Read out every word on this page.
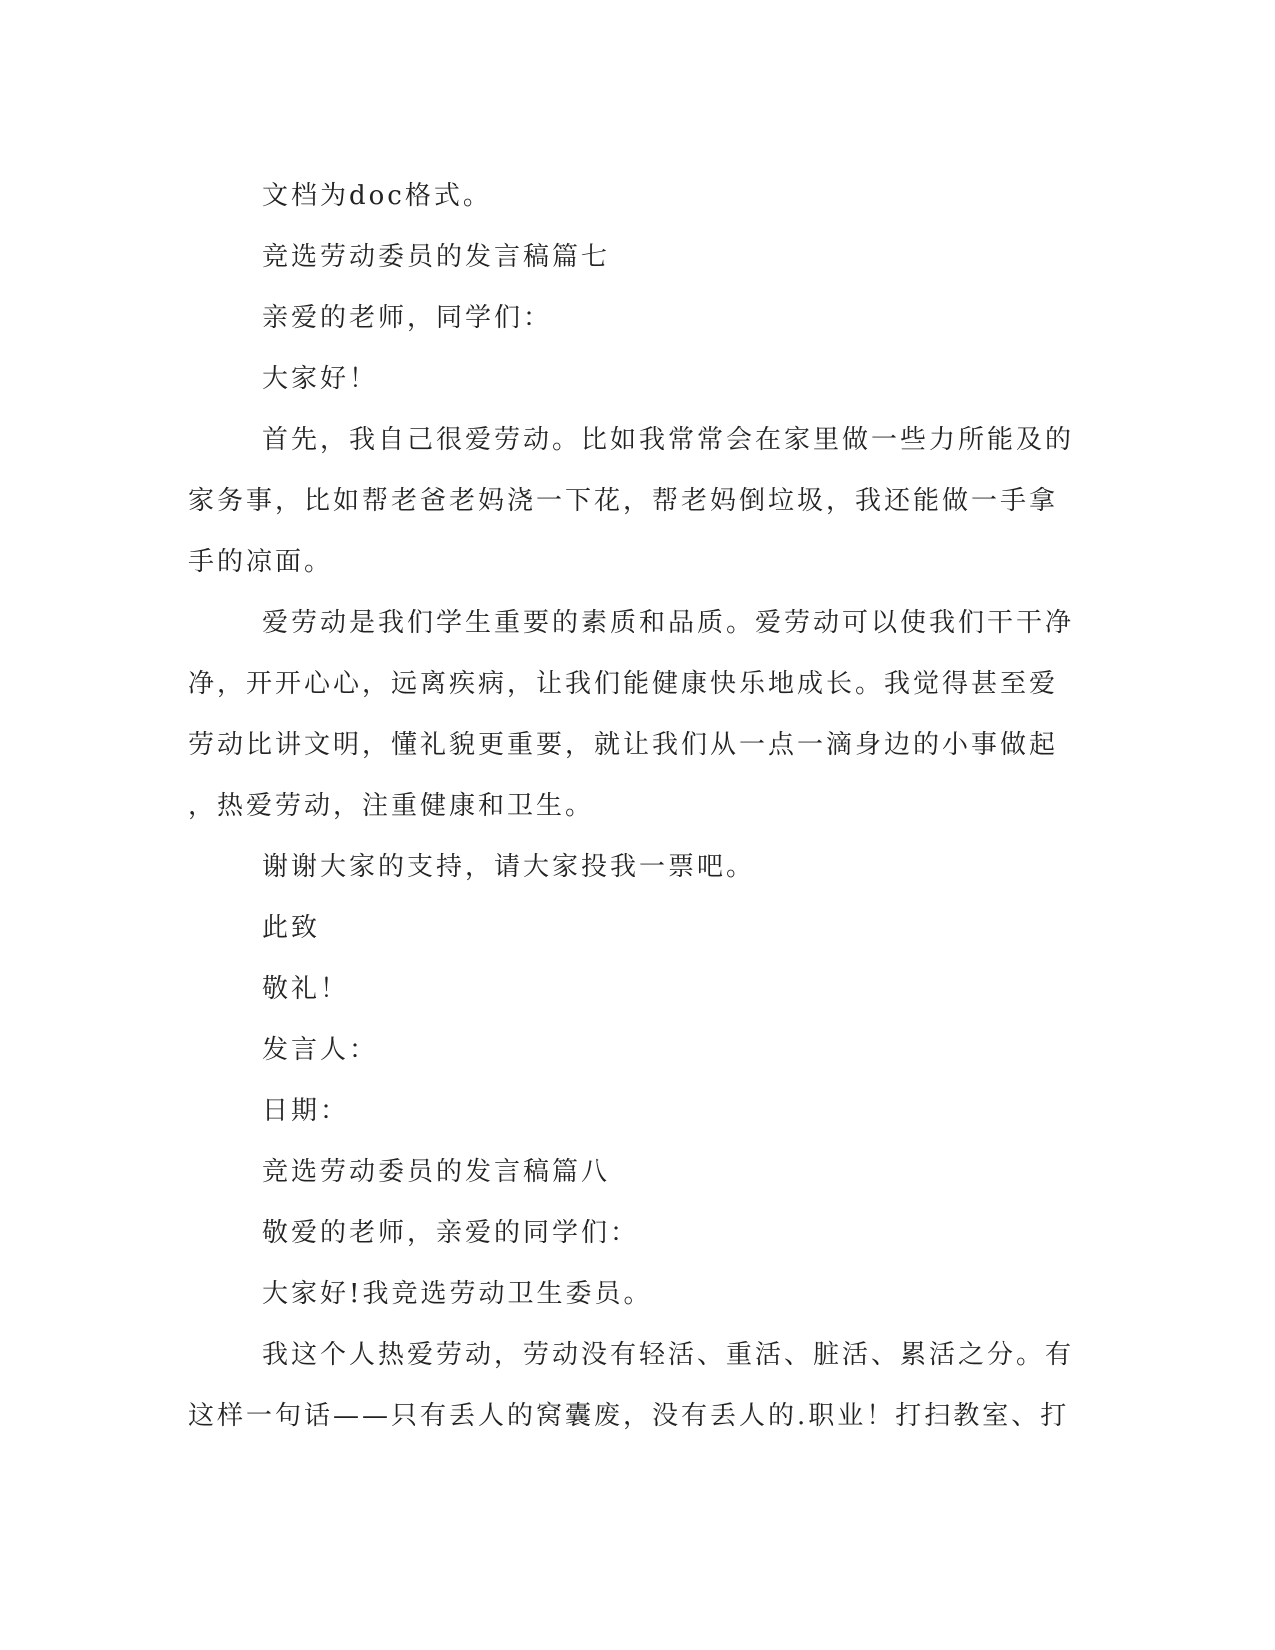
文档为doc格式。
竞选劳动委员的发言稿篇七
亲爱的老师，同学们：
大家好！
首先，我自己很爱劳动。比如我常常会在家里做一些力所能及的
家务事，比如帮老爸老妈浇一下花，帮老妈倒垃圾，我还能做一手拿
手的凉面。
爱劳动是我们学生重要的素质和品质。爱劳动可以使我们干干净
净，开开心心，远离疾病，让我们能健康快乐地成长。我觉得甚至爱
劳动比讲文明，懂礼貌更重要，就让我们从一点一滴身边的小事做起
，热爱劳动，注重健康和卫生。
谢谢大家的支持，请大家投我一票吧。
此致
敬礼！
发言人：
日期：
竞选劳动委员的发言稿篇八
敬爱的老师，亲爱的同学们：
大家好!我竞选劳动卫生委员。
我这个人热爱劳动，劳动没有轻活、重活、脏活、累活之分。有
这样一句话——只有丢人的窝囊废，没有丢人的.职业！打扫教室、打
